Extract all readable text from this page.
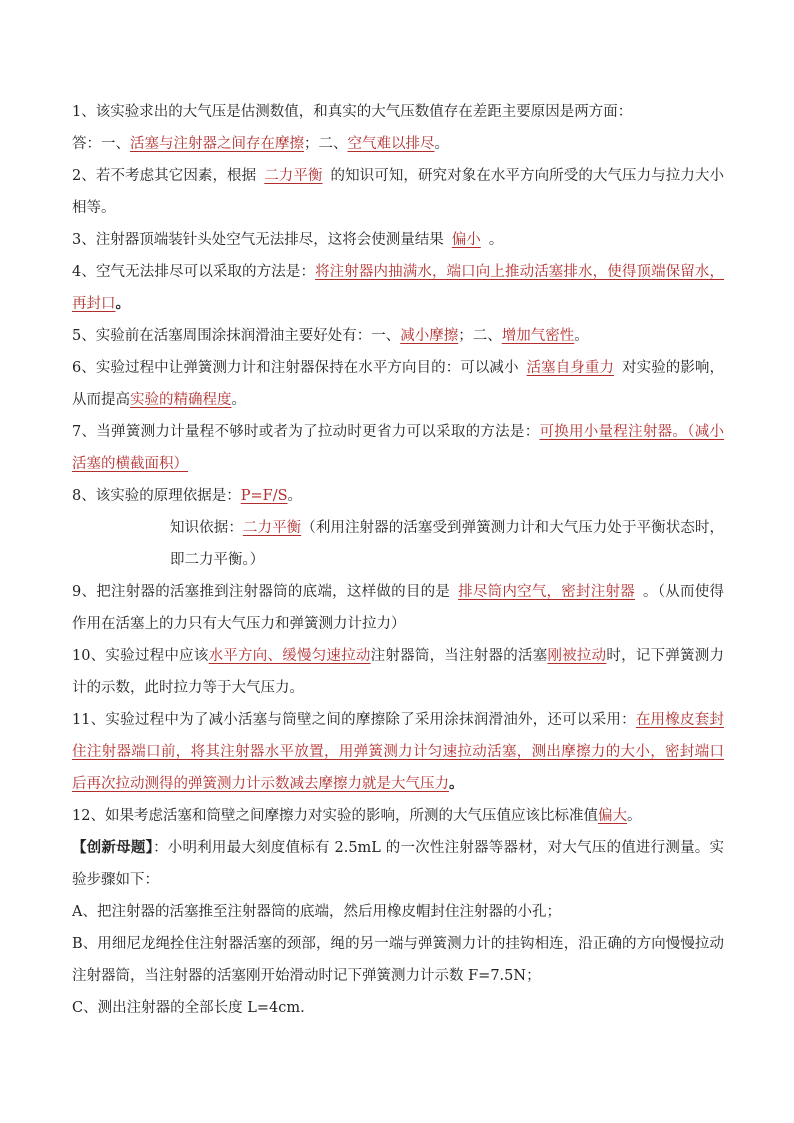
1、该实验求出的大气压是估测数值，和真实的大气压数值存在差距主要原因是两方面：

答：一、活塞与注射器之间存在摩擦；二、空气难以排尽。

2、若不考虑其它因素，根据 二力平衡 的知识可知，研究对象在水平方向所受的大气压力与拉力大小相等。

3、注射器顶端装针头处空气无法排尽，这将会使测量结果 偏小 。

4、空气无法排尽可以采取的方法是：将注射器内抽满水，端口向上推动活塞排水，使得顶端保留水，再封口。

5、实验前在活塞周围涂抹润滑油主要好处有：一、减小摩擦；二、增加气密性。

6、实验过程中让弹簧测力计和注射器保持在水平方向目的：可以减小 活塞自身重力 对实验的影响，从而提高实验的精确程度。

7、当弹簧测力计量程不够时或者为了拉动时更省力可以采取的方法是：可换用小量程注射器。（减小活塞的横截面积）

8、该实验的原理依据是：P=F/S。

知识依据：二力平衡（利用注射器的活塞受到弹簧测力计和大气压力处于平衡状态时，即二力平衡。）

9、把注射器的活塞推到注射器筒的底端，这样做的目的是 排尽筒内空气，密封注射器 。（从而使得作用在活塞上的力只有大气压力和弹簧测力计拉力）

10、实验过程中应该水平方向、缓慢匀速拉动注射器筒，当注射器的活塞刚被拉动时，记下弹簧测力计的示数，此时拉力等于大气压力。

11、实验过程中为了减小活塞与筒壁之间的摩擦除了采用涂抹润滑油外，还可以采用：在用橡皮套封住注射器端口前，将其注射器水平放置，用弹簧测力计匀速拉动活塞，测出摩擦力的大小，密封端口后再次拉动测得的弹簧测力计示数减去摩擦力就是大气压力。

12、如果考虑活塞和筒壁之间摩擦力对实验的影响，所测的大气压值应该比标准值偏大。

【创新母题】：小明利用最大刻度值标有 2.5mL 的一次性注射器等器材，对大气压的值进行测量。实验步骤如下：

A、把注射器的活塞推至注射器筒的底端，然后用橡皮帽封住注射器的小孔；

B、用细尼龙绳拴住注射器活塞的颈部，绳的另一端与弹簧测力计的挂钩相连，沿正确的方向慢慢拉动注射器筒，当注射器的活塞刚开始滑动时记下弹簧测力计示数 F=7.5N；

C、测出注射器的全部长度 L=4cm.
